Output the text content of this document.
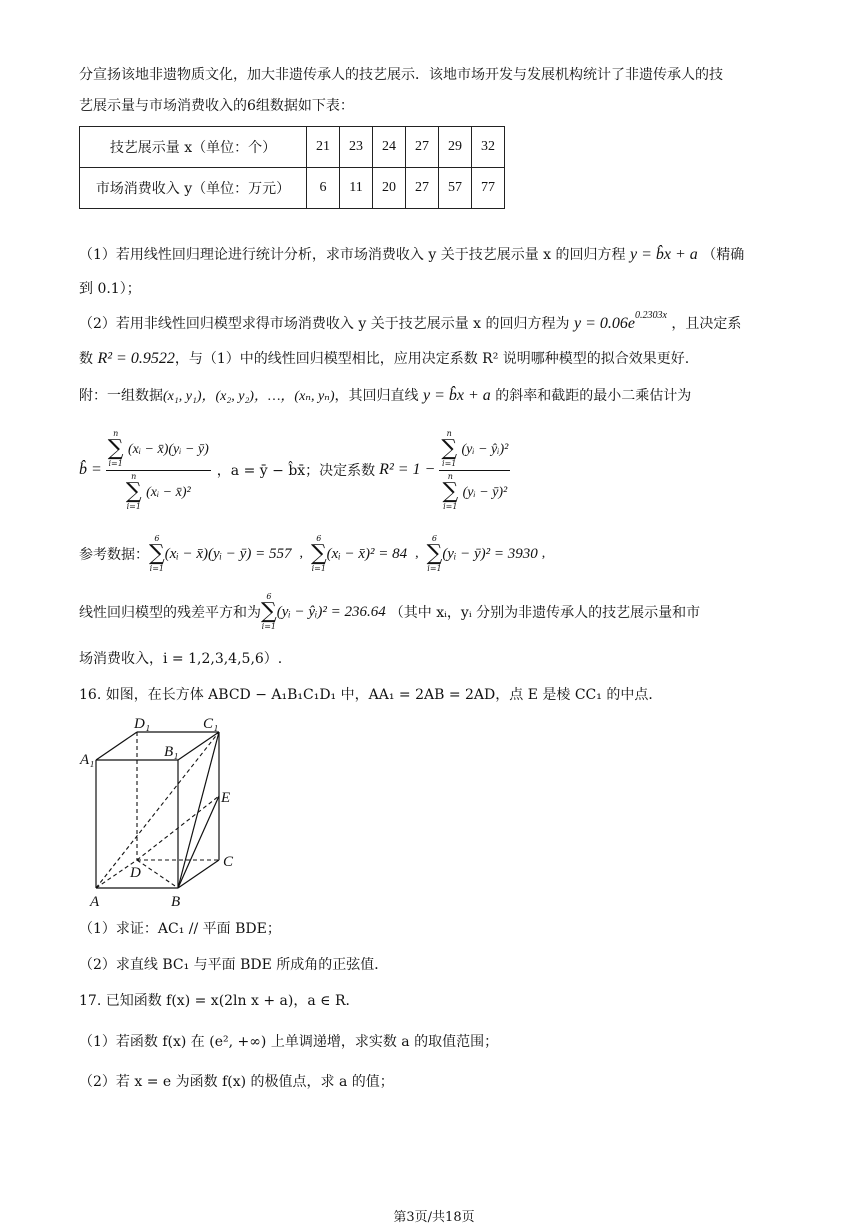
分宣扬该地非遗物质文化，加大非遗传承人的技艺展示．该地市场开发与发展机构统计了非遗传承人的技
艺展示量与市场消费收入的6组数据如下表：
技艺展示量 x（单位：个）	21	23	24	27	29	32
市场消费收入 y（单位：万元）	6	11	20	27	57	77
（1）若用线性回归理论进行统计分析，求市场消费收入 y 关于技艺展示量 x 的回归方程 y = b̂x + a （精确
到 0.1）；
（2）若用非线性回归模型求得市场消费收入 y 关于技艺展示量 x 的回归方程为 $y = 0.06e^{0.2303x}$ ，且决定系
数 R² = 0.9522，与（1）中的线性回归模型相比，应用决定系数 R² 说明哪种模型的拟合效果更好.
附：一组数据(x₁, y₁)，(x₂, y₂)，…，(xₙ, yₙ)，其回归直线 y = b̂x + a 的斜率和截距的最小二乘估计为
b̂ = n
∑
i=1
(xᵢ − x̄)(yᵢ − ȳ)
n
∑
i=1
(xᵢ − x̄)² ，a = ȳ − b̂x̄；决定系数 R² = 1 − n
∑
i=1
(yᵢ − ŷᵢ)²
n
∑
i=1
(yᵢ − ȳ)²
参考数据：
6
∑
i=1
(xᵢ − x̄)(yᵢ − ȳ) = 557 ,
6
∑
i=1
(xᵢ − x̄)² = 84 ,
6
∑
i=1
(yᵢ − ȳ)² = 3930 ,
线性回归模型的残差平方和为
6
∑
i=1
(yᵢ − ŷᵢ)² = 236.64 （其中 xᵢ，yᵢ 分别为非遗传承人的技艺展示量和市
场消费收入，i = 1,2,3,4,5,6）.
16. 如图，在长方体 ABCD − A₁B₁C₁D₁ 中，AA₁ = 2AB = 2AD，点 E 是棱 CC₁ 的中点．
A₁
D₁	C₁
B₁
E
C
D
A	B
（1）求证：AC₁ // 平面 BDE；
（2）求直线 BC₁ 与平面 BDE 所成角的正弦值．
17. 已知函数 f(x) = x(2ln x + a)，a ∈ R．
（1）若函数 f(x) 在 (e², +∞) 上单调递增，求实数 a 的取值范围；
（2）若 x = e 为函数 f(x) 的极值点，求 a 的值；
第3页/共18页
